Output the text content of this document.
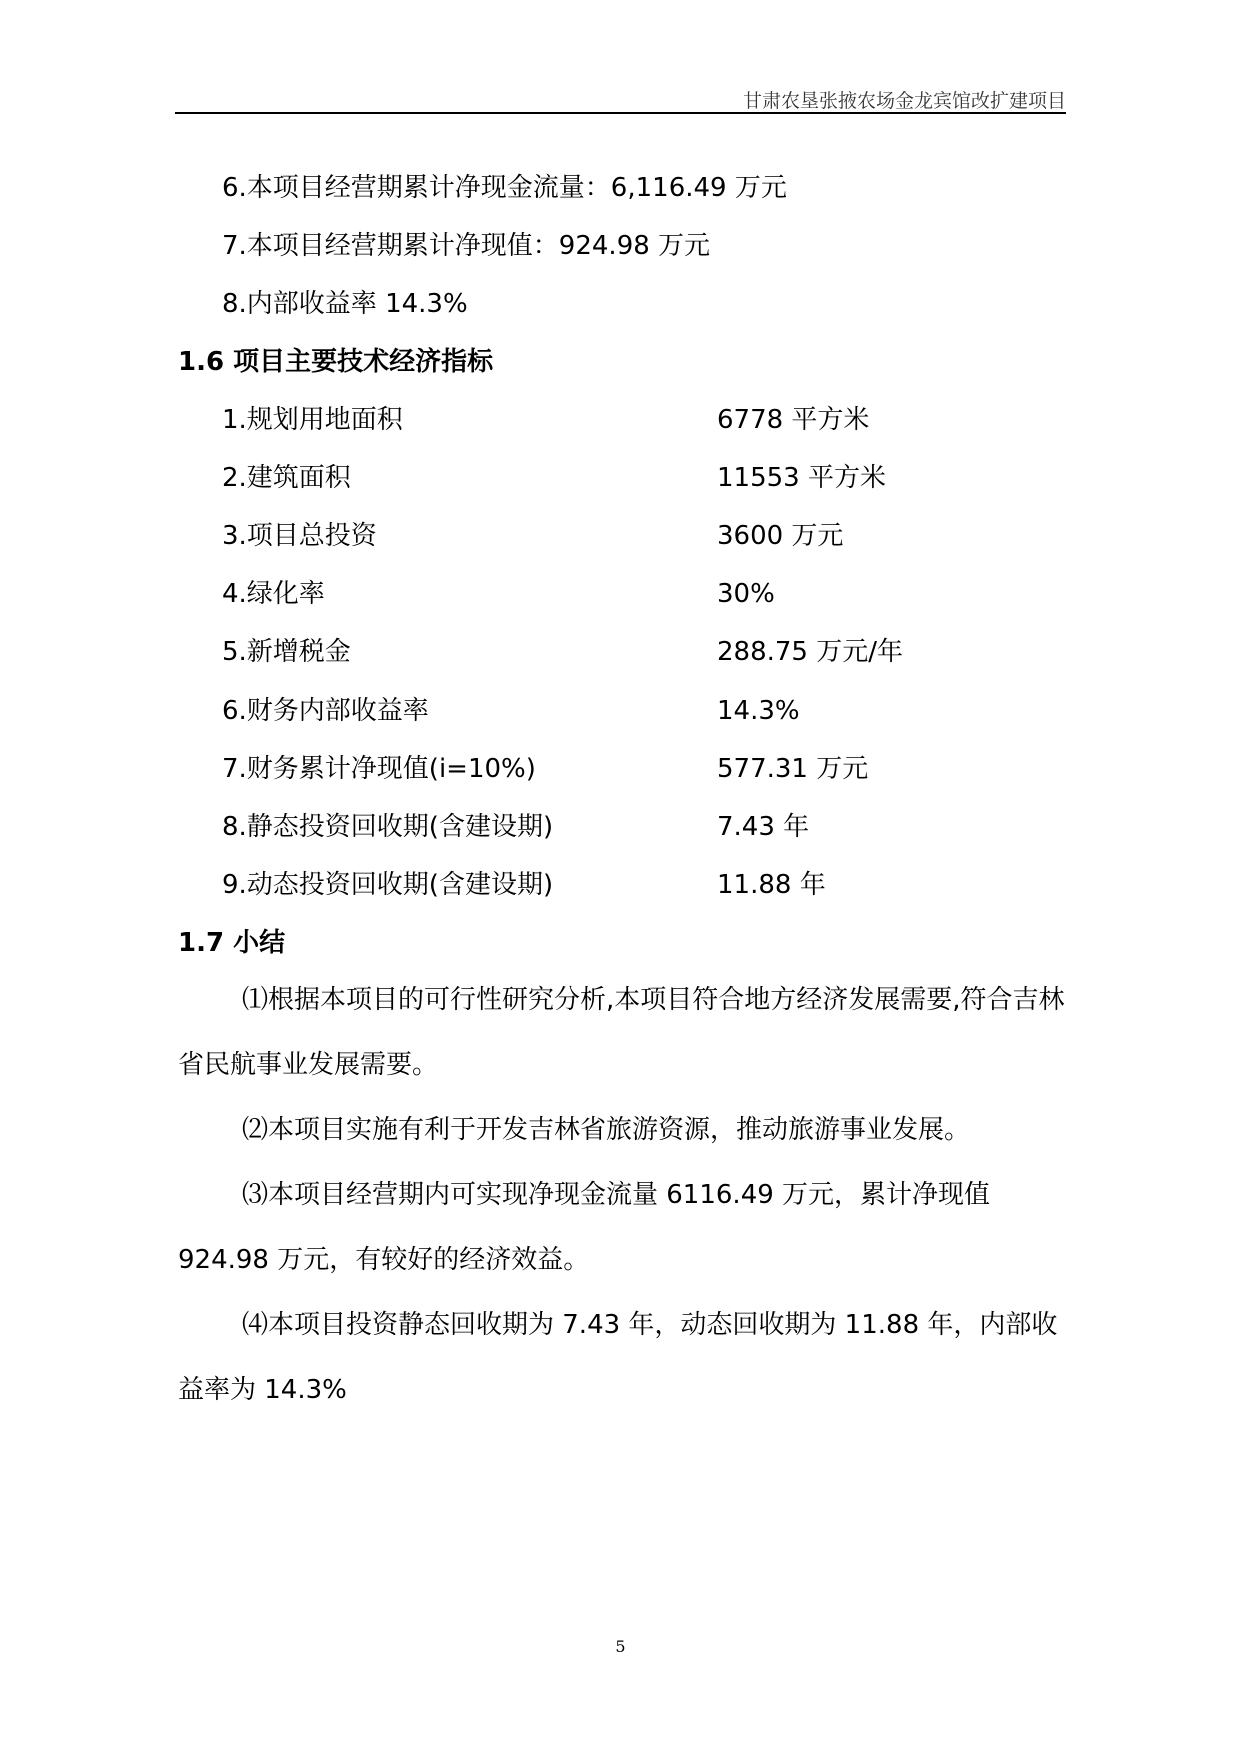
甘肃农垦张掖农场金龙宾馆改扩建项目
6.本项目经营期累计净现金流量：6,116.49 万元
7.本项目经营期累计净现值：924.98 万元
8.内部收益率 14.3%
1.6 项目主要技术经济指标
1.规划用地面积	6778 平方米
2.建筑面积	11553 平方米
3.项目总投资	3600 万元
4.绿化率	30%
5.新增税金	288.75 万元/年
6.财务内部收益率	14.3%
7.财务累计净现值(i=10%)	577.31 万元
8.静态投资回收期(含建设期)	7.43 年
9.动态投资回收期(含建设期)	11.88 年
1.7 小结

⑴根据本项目的可行性研究分析,本项目符合地方经济发展需要,符合吉林省民航事业发展需要。

⑵本项目实施有利于开发吉林省旅游资源，推动旅游事业发展。

⑶本项目经营期内可实现净现金流量 6116.49 万元，累计净现值924.98 万元，有较好的经济效益。

⑷本项目投资静态回收期为 7.43 年，动态回收期为 11.88 年，内部收益率为 14.3%

5
